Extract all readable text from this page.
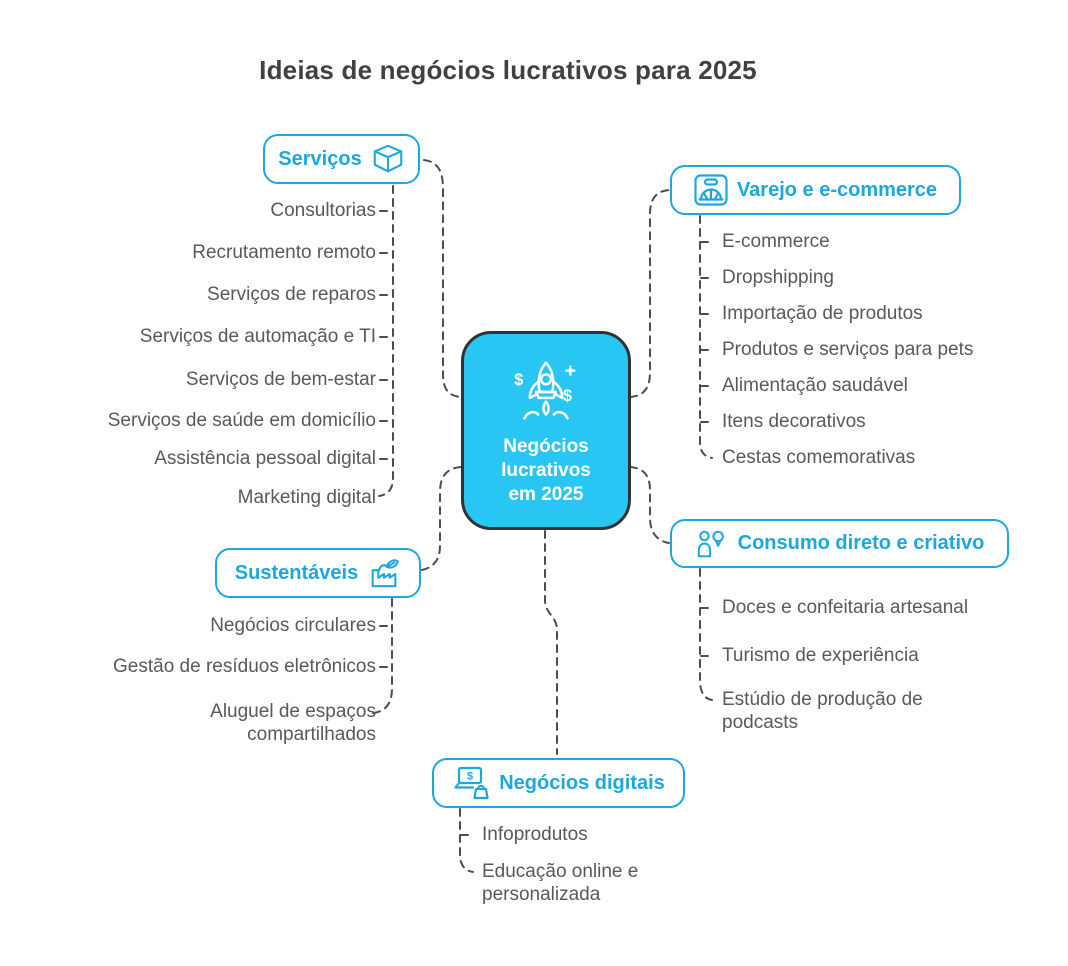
Ideias de negócios lucrativos para 2025
$
$
Negócios
lucrativos
em 2025
Serviços
Varejo e e-commerce
Sustentáveis
Consumo direto e criativo
$ Negócios digitais
Consultorias
Recrutamento remoto
Serviços de reparos
Serviços de automação e TI
Serviços de bem-estar
Serviços de saúde em domicílio
Assistência pessoal digital
Marketing digital
E-commerce
Dropshipping
Importação de produtos
Produtos e serviços para pets
Alimentação saudável
Itens decorativos
Cestas comemorativas
Negócios circulares
Gestão de resíduos eletrônicos
Aluguel de espaços compartilhados
Doces e confeitaria artesanal
Turismo de experiência
Estúdio de produção de podcasts
Infoprodutos
Educação online e personalizada
